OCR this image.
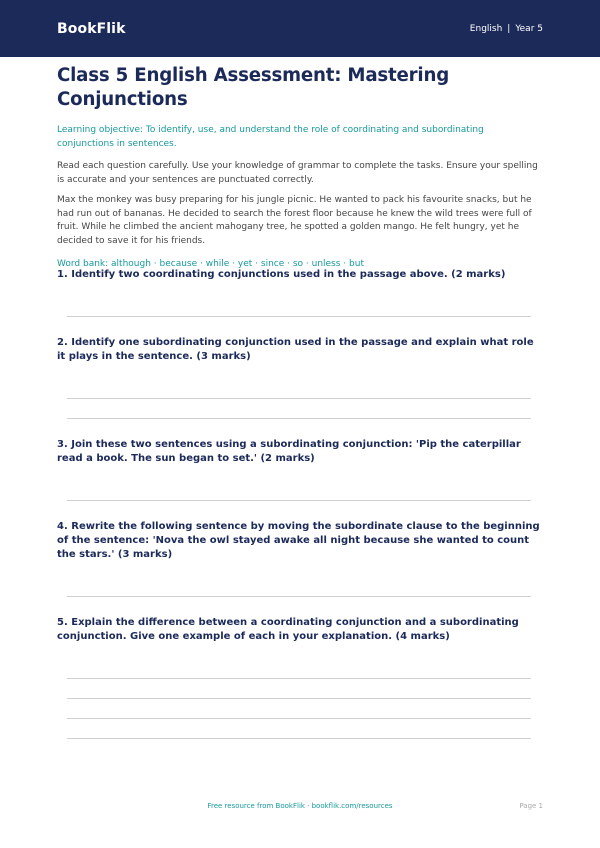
BookFlik	English | Year 5
Class 5 English Assessment: Mastering Conjunctions

Learning objective: To identify, use, and understand the role of coordinating and subordinating conjunctions in sentences.

Read each question carefully. Use your knowledge of grammar to complete the tasks. Ensure your spelling is accurate and your sentences are punctuated correctly.

Max the monkey was busy preparing for his jungle picnic. He wanted to pack his favourite snacks, but he had run out of bananas. He decided to search the forest floor because he knew the wild trees were full of fruit. While he climbed the ancient mahogany tree, he spotted a golden mango. He felt hungry, yet he decided to save it for his friends.

Word bank: although · because · while · yet · since · so · unless · but

1. Identify two coordinating conjunctions used in the passage above. (2 marks)

2. Identify one subordinating conjunction used in the passage and explain what role it plays in the sentence. (3 marks)

3. Join these two sentences using a subordinating conjunction: 'Pip the caterpillar read a book. The sun began to set.' (2 marks)

4. Rewrite the following sentence by moving the subordinate clause to the beginning of the sentence: 'Nova the owl stayed awake all night because she wanted to count the stars.' (3 marks)

5. Explain the difference between a coordinating conjunction and a subordinating conjunction. Give one example of each in your explanation. (4 marks)

Free resource from BookFlik · bookflik.com/resources	Page 1
